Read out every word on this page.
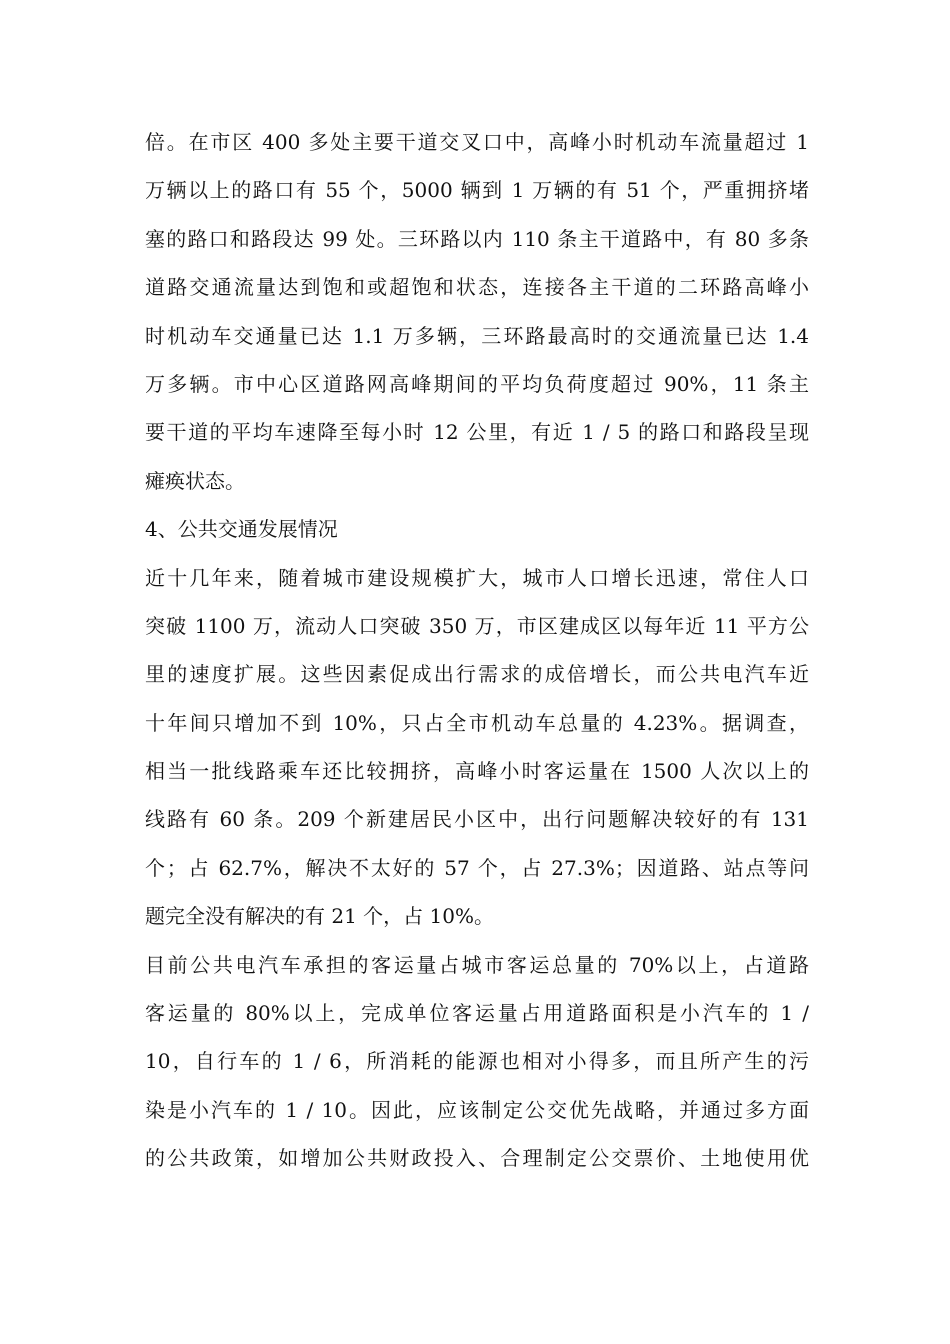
倍。在市区 400 多处主要干道交叉口中，高峰小时机动车流量超过 1
万辆以上的路口有 55 个，5000 辆到 1 万辆的有 51 个，严重拥挤堵
塞的路口和路段达 99 处。三环路以内 110 条主干道路中，有 80 多条
道路交通流量达到饱和或超饱和状态，连接各主干道的二环路高峰小
时机动车交通量已达 1.1 万多辆，三环路最高时的交通流量已达 1.4
万多辆。市中心区道路网高峰期间的平均负荷度超过 90%，11 条主
要干道的平均车速降至每小时 12 公里，有近 1 / 5 的路口和路段呈现
瘫痪状态。
4、公共交通发展情况
近十几年来，随着城市建设规模扩大，城市人口增长迅速，常住人口
突破 1100 万，流动人口突破 350 万，市区建成区以每年近 11 平方公
里的速度扩展。这些因素促成出行需求的成倍增长，而公共电汽车近
十年间只增加不到 10%，只占全市机动车总量的 4.23%。据调查，
相当一批线路乘车还比较拥挤，高峰小时客运量在 1500 人次以上的
线路有 60 条。209 个新建居民小区中，出行问题解决较好的有 131
个；占 62.7%，解决不太好的 57 个，占 27.3%；因道路、站点等问
题完全没有解决的有 21 个，占 10%。
目前公共电汽车承担的客运量占城市客运总量的 70%以上，占道路
客运量的 80%以上，完成单位客运量占用道路面积是小汽车的 1 /
10，自行车的 1 / 6，所消耗的能源也相对小得多，而且所产生的污
染是小汽车的 1 / 10。因此，应该制定公交优先战略，并通过多方面
的公共政策，如增加公共财政投入、合理制定公交票价、土地使用优
